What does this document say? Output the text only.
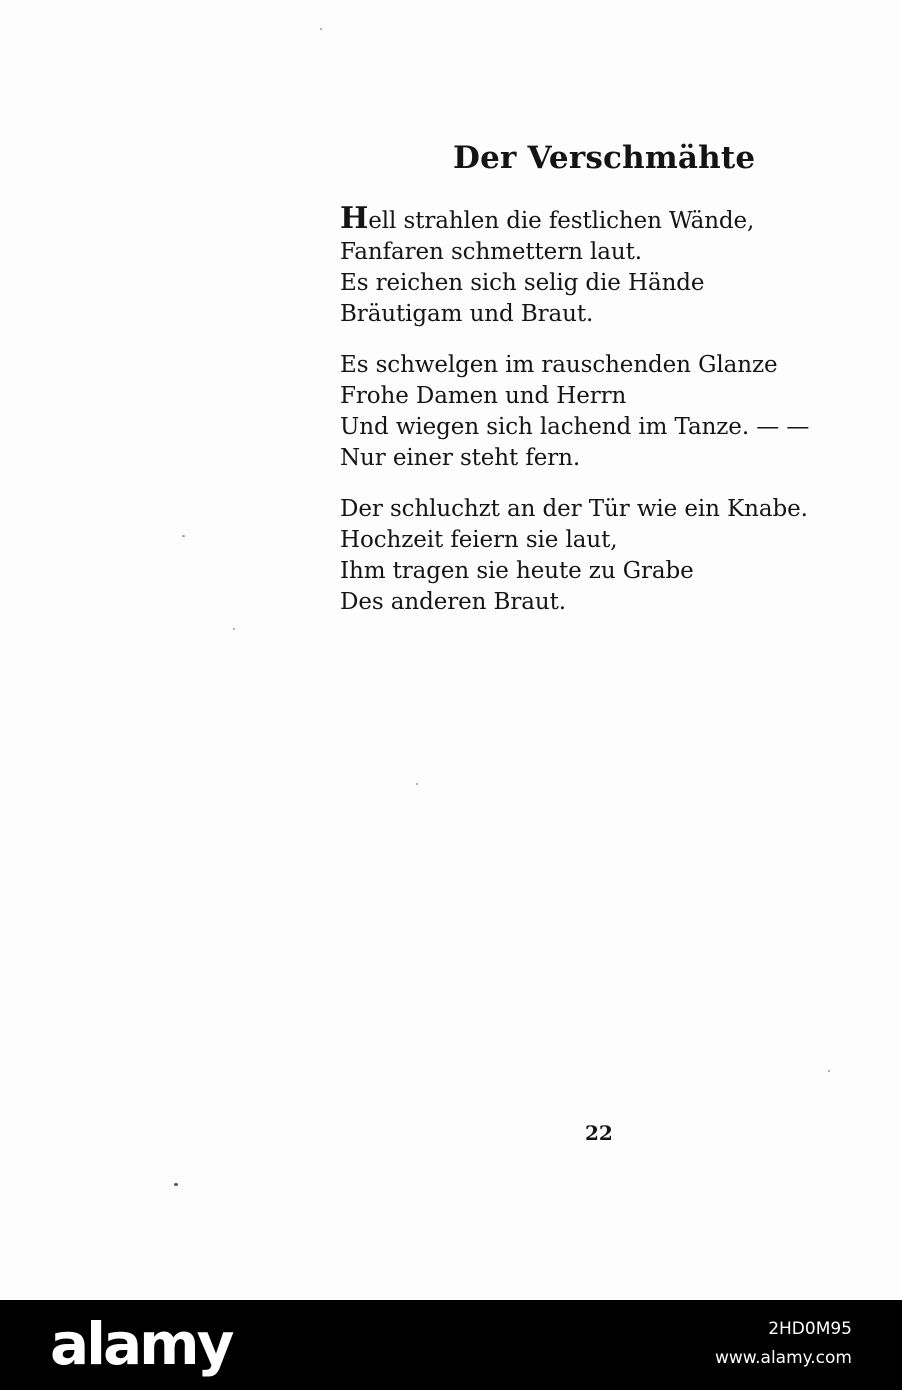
Der Verschmähte
Hell strahlen die festlichen Wände,
Fanfaren schmettern laut.
Es reichen sich selig die Hände
Bräutigam und Braut.
Es schwelgen im rauschenden Glanze
Frohe Damen und Herrn
Und wiegen sich lachend im Tanze. — —
Nur einer steht fern.
Der schluchzt an der Tür wie ein Knabe.
Hochzeit feiern sie laut,
Ihm tragen sie heute zu Grabe
Des anderen Braut.
22
alamy	2HD0M95
www.alamy.com
